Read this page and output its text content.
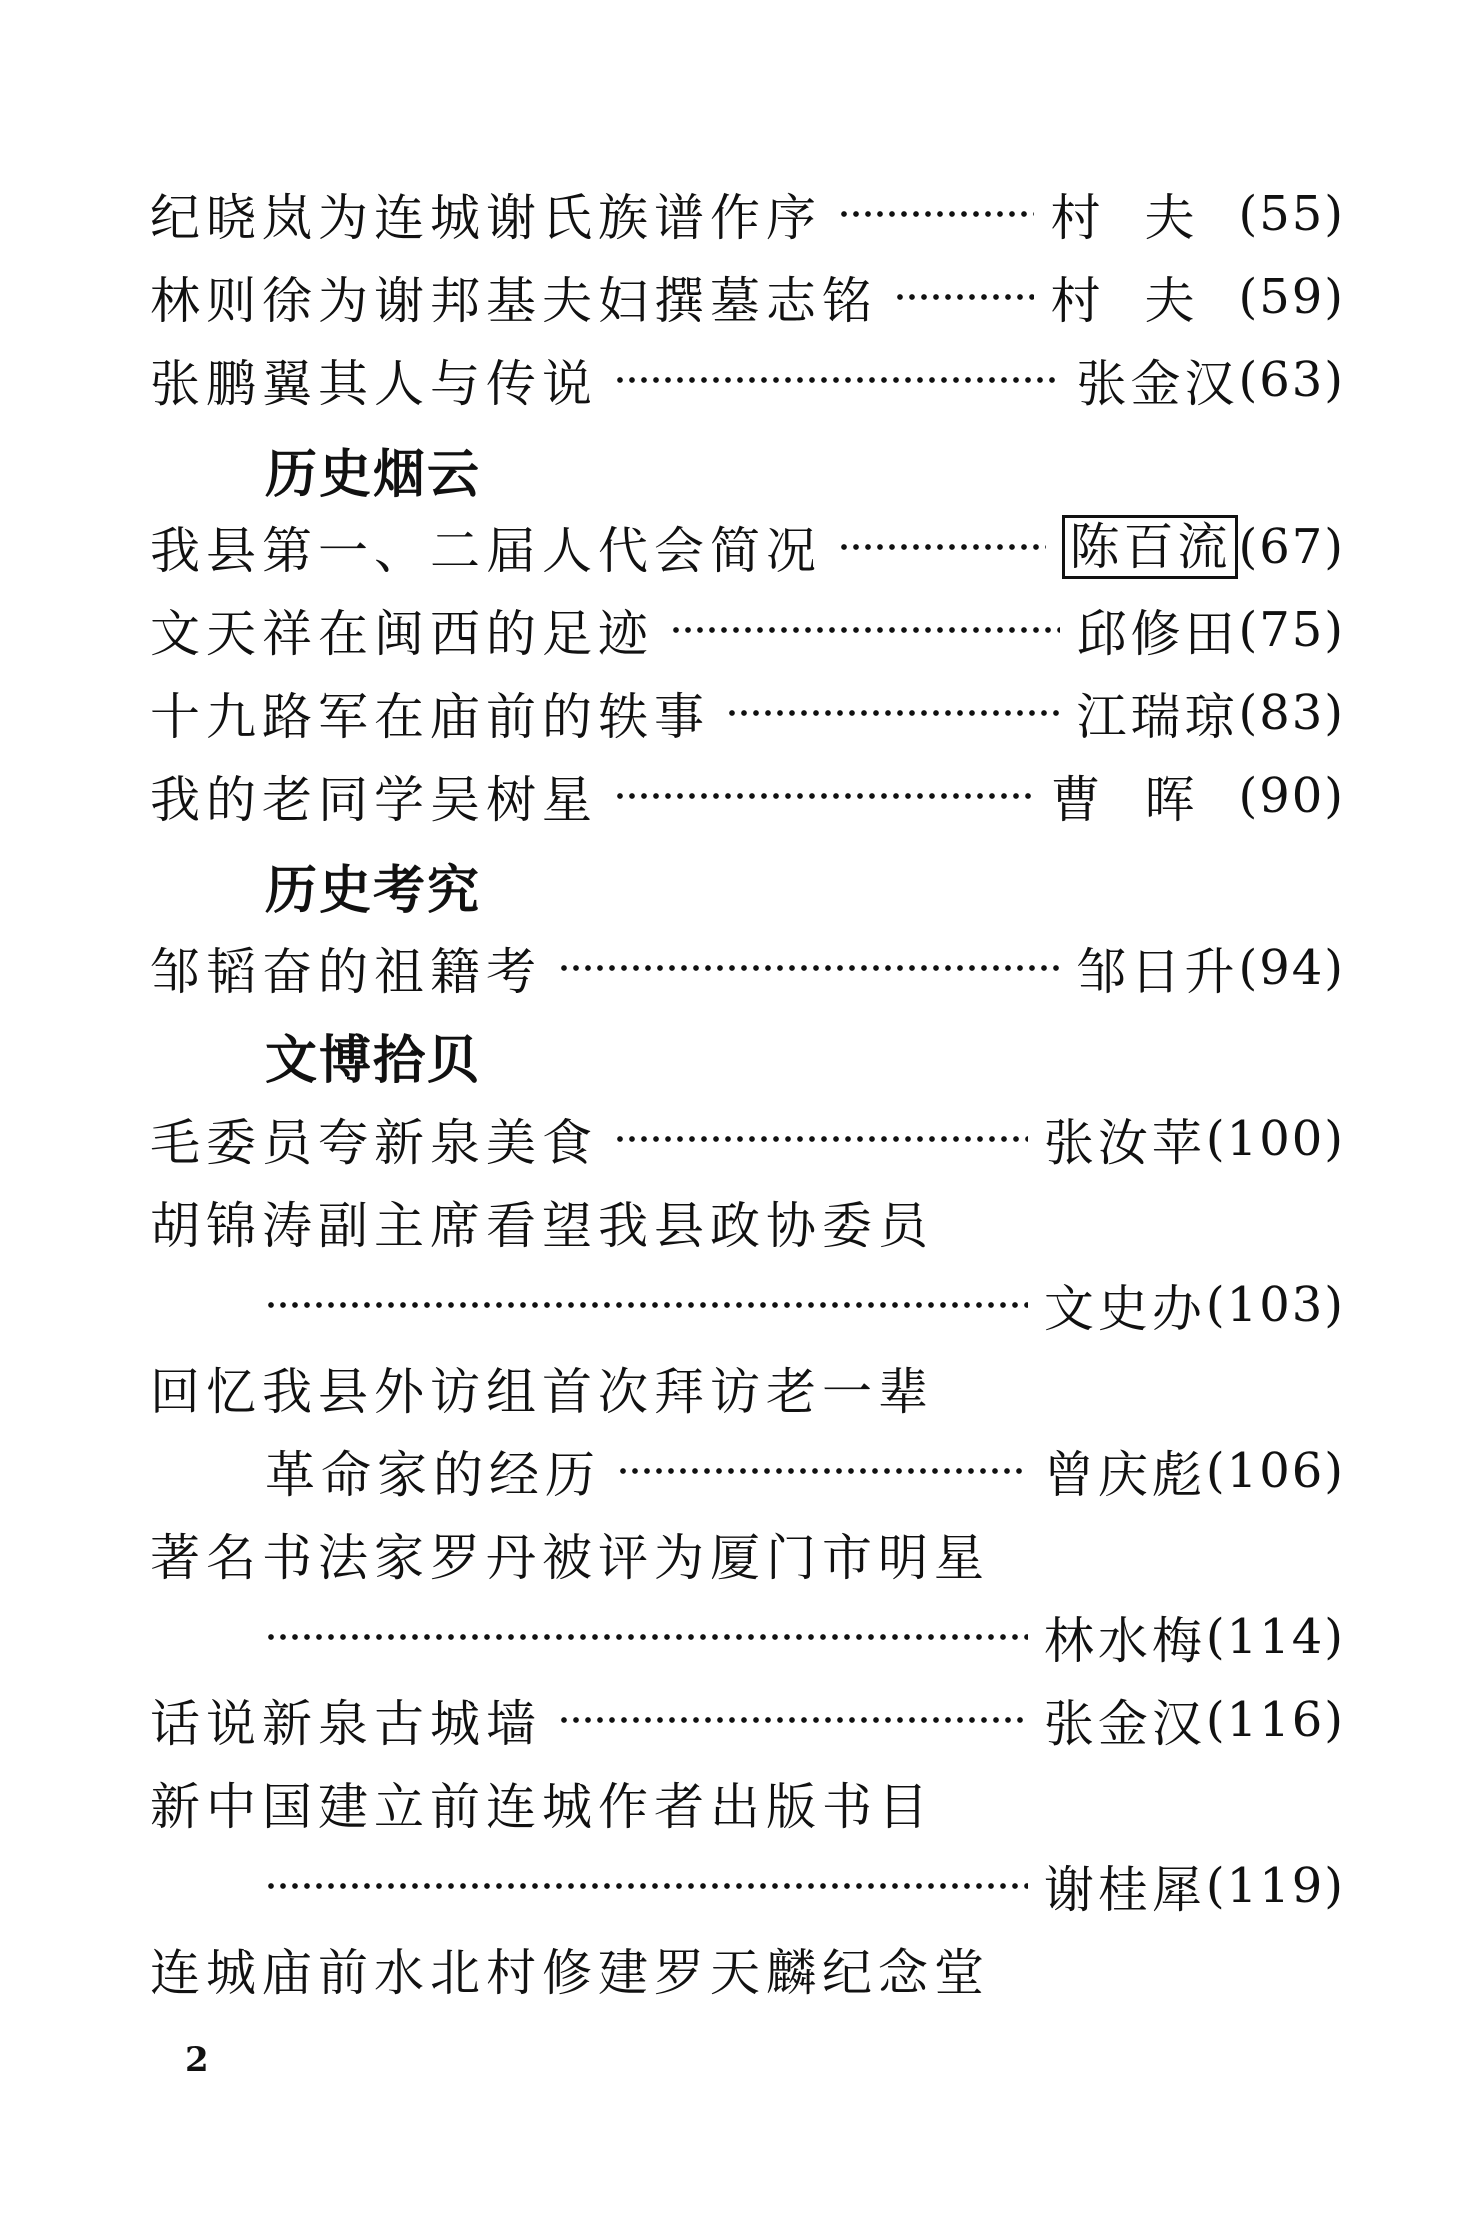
纪晓岚为连城谢氏族谱作序	村夫 (55)
林则徐为谢邦基夫妇撰墓志铭	村夫 (59)
张鹏翼其人与传说	张金汉 (63)
历史烟云
我县第一、二届人代会简况	陈百流 (67)
文天祥在闽西的足迹	邱修田 (75)
十九路军在庙前的轶事	江瑞琼 (83)
我的老同学吴树星	曹晖 (90)
历史考究
邹韬奋的祖籍考	邹日升 (94)
文博拾贝
毛委员夸新泉美食	张汝苹 (100)
胡锦涛副主席看望我县政协委员
文史办 (103)
回忆我县外访组首次拜访老一辈
革命家的经历	曾庆彪 (106)
著名书法家罗丹被评为厦门市明星
林水梅 (114)
话说新泉古城墙	张金汉 (116)
新中国建立前连城作者出版书目
谢桂犀 (119)
连城庙前水北村修建罗天麟纪念堂
2
